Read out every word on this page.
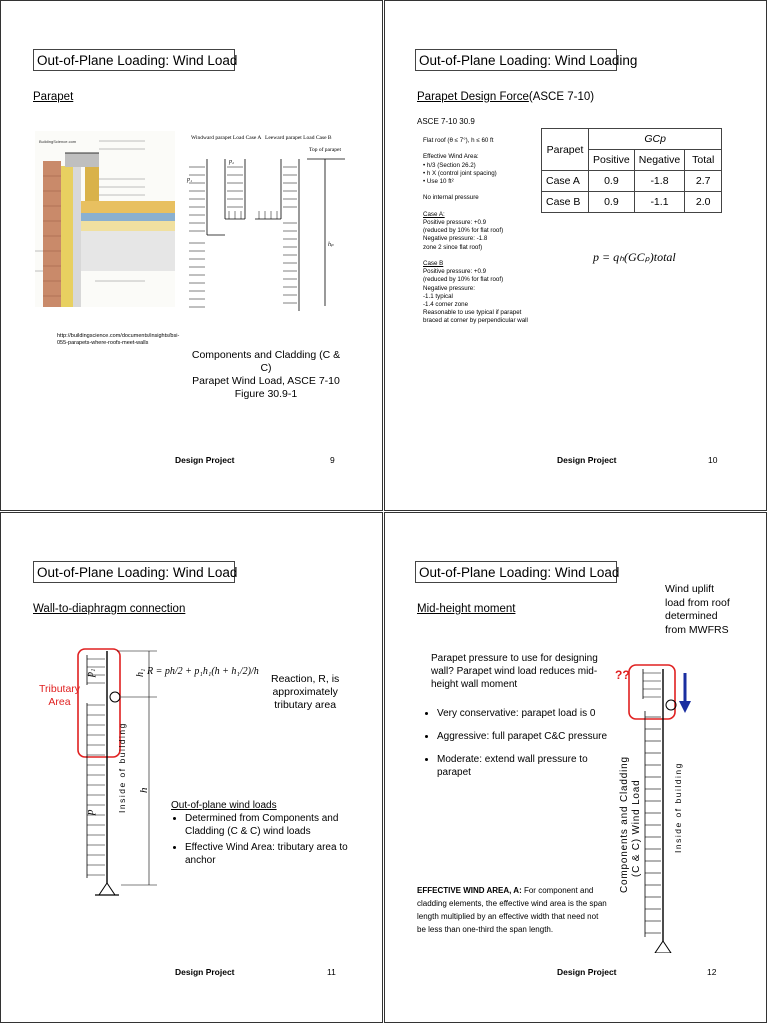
Out-of-Plane Loading: Wind Load
Parapet
BuildingScience.com
http://buildingscience.com/documents/insights/bsi-055-parapets-where-roofs-meet-walls
Windward parapet Load Case A Leeward parapet Load Case B
Top of parapet
p₁
p₂
hₚ
Components and Cladding (C & C)
Parapet Wind Load, ASCE 7-10
Figure 30.9-1
Design Project	9
Out-of-Plane Loading: Wind Loading
Parapet Design Force(ASCE 7-10)
ASCE 7-10 30.9
Flat roof (θ ≤ 7°), h ≤ 60 ft

Effective Wind Area:
• h/3 (Section 26.2)
• h X (control joint spacing)
• Use 10 ft²

No internal pressure

Case A:
Positive pressure: +0.9
(reduced by 10% for flat roof)
Negative pressure: -1.8
zone 2 since flat roof)

Case B
Positive pressure: +0.9
(reduced by 10% for flat roof)
Negative pressure:
-1.1 typical
-1.4 corner zone
Reasonable to use typical if parapet
braced at corner by perpendicular wall
Parapet	GCp		
	Positive	Negative	Total
Case A	0.9	-1.8	2.7
Case B	0.9	-1.1	2.0
p = qₕ(GCₚ)total
Design Project	10
Out-of-Plane Loading: Wind Load
Wall-to-diaphragm connection
Tributary
Area
p₁
p
h₁
h
Inside of building
R = ph/2 + p₁h₁(h + h₁/2)/h
Reaction, R, is
approximately
tributary area
Out-of-plane wind loads
• Determined from Components and Cladding (C & C) wind loads
• Effective Wind Area: tributary area to anchor
Design Project	11
Out-of-Plane Loading: Wind Load
Mid-height moment
Wind uplift
load from roof
determined
from MWFRS
Parapet pressure to use for designing wall? Parapet wind load reduces mid-height wall moment
• Very conservative: parapet load is 0
• Aggressive: full parapet C&C pressure
• Moderate: extend wall pressure to parapet
??
Components and Cladding (C & C) Wind Load	Inside of building
EFFECTIVE WIND AREA, A: For component and cladding elements, the effective wind area is the span length multiplied by an effective width that need not be less than one-third the span length.
Design Project	12
